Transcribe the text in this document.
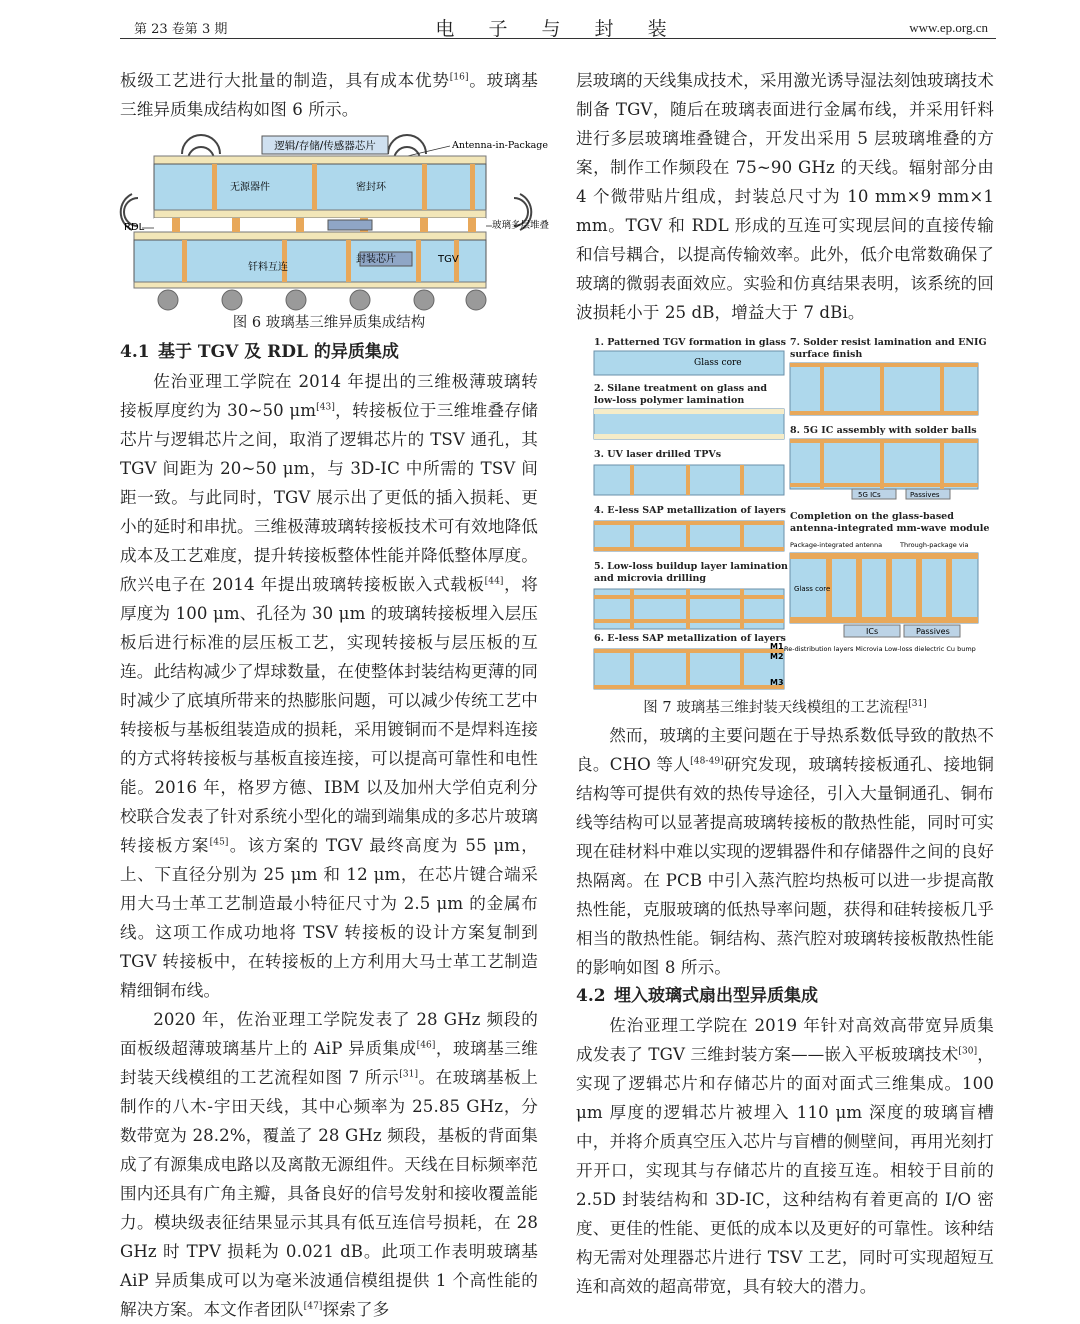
第 23 卷第 3 期	电 子 与 封 装	www.ep.org.cn

板级工艺进行大批量的制造，具有成本优势[16]。玻璃基三维异质集成结构如图 6 所示。

逻辑/存储/传感器芯片	Antenna-in-Package
无源器件	密封环
RDL	玻璃多层堆叠
钎料互连
封装芯片	TGV

图 6 玻璃基三维异质集成结构

4.1 基于 TGV 及 RDL 的异质集成

佐治亚理工学院在 2014 年提出的三维极薄玻璃转接板厚度约为 30~50 μm[43]，转接板位于三维堆叠存储芯片与逻辑芯片之间，取消了逻辑芯片的 TSV 通孔，其 TGV 间距为 20~50 μm，与 3D-IC 中所需的 TSV 间距一致。与此同时，TGV 展示出了更低的插入损耗、更小的延时和串扰。三维极薄玻璃转接板技术可有效地降低成本及工艺难度，提升转接板整体性能并降低整体厚度。欣兴电子在 2014 年提出玻璃转接板嵌入式载板[44]，将厚度为 100 μm、孔径为 30 μm 的玻璃转接板埋入层压板后进行标准的层压板工艺，实现转接板与层压板的互连。此结构减少了焊球数量，在使整体封装结构更薄的同时减少了底填所带来的热膨胀问题，可以减少传统工艺中转接板与基板组装造成的损耗，采用镀铜而不是焊料连接的方式将转接板与基板直接连接，可以提高可靠性和电性能。2016 年，格罗方德、IBM 以及加州大学伯克利分校联合发表了针对系统小型化的端到端集成的多芯片玻璃转接板方案[45]。该方案的 TGV 最终高度为 55 μm，上、下直径分别为 25 μm 和 12 μm，在芯片键合端采用大马士革工艺制造最小特征尺寸为 2.5 μm 的金属布线。这项工作成功地将 TSV 转接板的设计方案复制到 TGV 转接板中，在转接板的上方利用大马士革工艺制造精细铜布线。

2020 年，佐治亚理工学院发表了 28 GHz 频段的面板级超薄玻璃基片上的 AiP 异质集成[46]，玻璃基三维封装天线模组的工艺流程如图 7 所示[31]。在玻璃基板上制作的八木-宇田天线，其中心频率为 25.85 GHz，分数带宽为 28.2%，覆盖了 28 GHz 频段，基板的背面集成了有源集成电路以及离散无源组件。天线在目标频率范围内还具有广角主瓣，具备良好的信号发射和接收覆盖能力。模块级表征结果显示其具有低互连信号损耗，在 28 GHz 时 TPV 损耗为 0.021 dB。此项工作表明玻璃基 AiP 异质集成可以为毫米波通信模组提供 1 个高性能的解决方案。本文作者团队[47]探索了多

层玻璃的天线集成技术，采用激光诱导湿法刻蚀玻璃技术制备 TGV，随后在玻璃表面进行金属布线，并采用钎料进行多层玻璃堆叠键合，开发出采用 5 层玻璃堆叠的方案，制作工作频段在 75~90 GHz 的天线。辐射部分由 4 个微带贴片组成，封装总尺寸为 10 mm×9 mm×1 mm。TGV 和 RDL 形成的互连可实现层间的直接传输和信号耦合，以提高传输效率。此外，低介电常数确保了玻璃的微弱表面效应。实验和仿真结果表明，该系统的回波损耗小于 25 dB，增益大于 7 dBi。

1. Patterned TGV formation in glass
2. Silane treatment on glass and
low-loss polymer lamination
3. UV laser drilled TPVs
4. E-less SAP metallization of layers
5. Low-loss buildup layer lamination
and microvia drilling
6. E-less SAP metallization of layers
7. Solder resist lamination and ENIG
surface finish
8. 5G IC assembly with solder balls
Completion on the glass-based
antenna-integrated mm-wave module
Glass core
M1
M2
M3
5G ICs	Passives
Package-integrated antenna	Through-package via
Glass core
ICs	Passives
Re-distribution layers Microvia Low-loss dielectric Cu bump

图 7 玻璃基三维封装天线模组的工艺流程[31]

然而，玻璃的主要问题在于导热系数低导致的散热不良。CHO 等人[48-49]研究发现，玻璃转接板通孔、接地铜结构等可提供有效的热传导途径，引入大量铜通孔、铜布线等结构可以显著提高玻璃转接板的散热性能，同时可实现在硅材料中难以实现的逻辑器件和存储器件之间的良好热隔离。在 PCB 中引入蒸汽腔均热板可以进一步提高散热性能，克服玻璃的低热导率问题，获得和硅转接板几乎相当的散热性能。铜结构、蒸汽腔对玻璃转接板散热性能的影响如图 8 所示。

4.2 埋入玻璃式扇出型异质集成

佐治亚理工学院在 2019 年针对高效高带宽异质集成发表了 TGV 三维封装方案——嵌入平板玻璃技术[30]，实现了逻辑芯片和存储芯片的面对面式三维集成。100 μm 厚度的逻辑芯片被埋入 110 μm 深度的玻璃盲槽中，并将介质真空压入芯片与盲槽的侧壁间，再用光刻打开开口，实现其与存储芯片的直接互连。相较于目前的 2.5D 封装结构和 3D-IC，这种结构有着更高的 I/O 密度、更佳的性能、更低的成本以及更好的可靠性。该种结构无需对处理器芯片进行 TSV 工艺，同时可实现超短互连和高效的超高带宽，具有较大的潜力。
